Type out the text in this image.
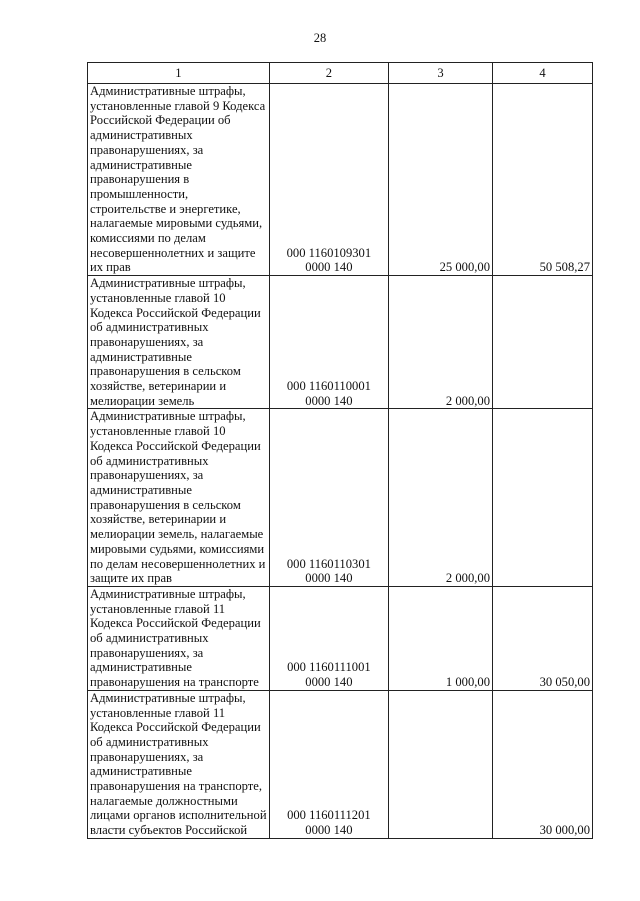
28
1	2	3	4
Административные штрафы, установленные главой 9 Кодекса Российской Федерации об административных правонарушениях, за административные правонарушения в промышленности, строительстве и энергетике, налагаемые мировыми судьями, комиссиями по делам несовершеннолетних и защите их прав	000 1160109301
0000 140	25 000,00	50 508,27
Административные штрафы, установленные главой 10 Кодекса Российской Федерации об административных правонарушениях, за административные правонарушения в сельском хозяйстве, ветеринарии и мелиорации земель	000 1160110001
0000 140	2 000,00	
Административные штрафы, установленные главой 10 Кодекса Российской Федерации об административных правонарушениях, за административные правонарушения в сельском хозяйстве, ветеринарии и мелиорации земель, налагаемые мировыми судьями, комиссиями по делам несовершеннолетних и защите их прав	000 1160110301
0000 140	2 000,00	
Административные штрафы, установленные главой 11 Кодекса Российской Федерации об административных правонарушениях, за административные правонарушения на транспорте	000 1160111001
0000 140	1 000,00	30 050,00
Административные штрафы, установленные главой 11 Кодекса Российской Федерации об административных правонарушениях, за административные правонарушения на транспорте, налагаемые должностными лицами органов исполнительной власти субъектов Российской	000 1160111201
0000 140		30 000,00
